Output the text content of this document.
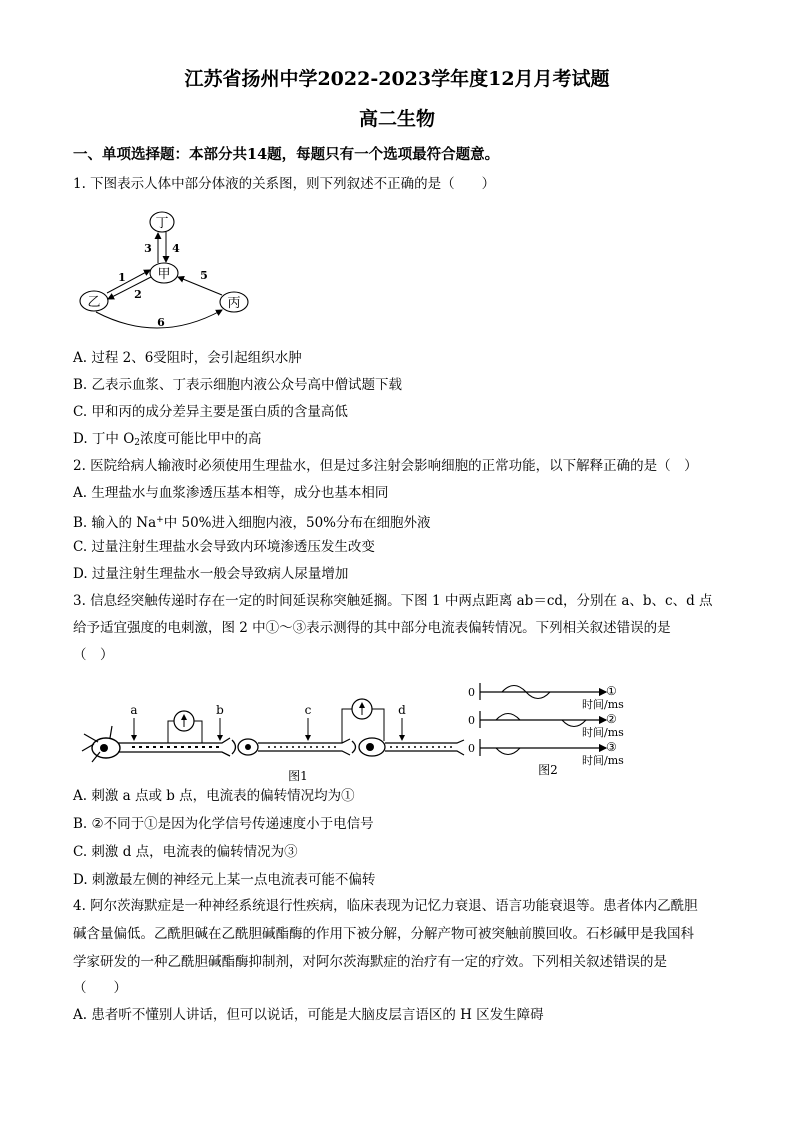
江苏省扬州中学2022-2023学年度12月月考试题
高二生物
一、单项选择题：本部分共14题，每题只有一个选项最符合题意。
1. 下图表示人体中部分体液的关系图，则下列叙述不正确的是（　　）
丁
甲
乙	丙
3 4
1
2
5
6
A. 过程 2、6受阻时，会引起组织水肿
B. 乙表示血浆、丁表示细胞内液公众号高中僧试题下载
C. 甲和丙的成分差异主要是蛋白质的含量高低
D. 丁中 $O_2$浓度可能比甲中的高
2. 医院给病人输液时必须使用生理盐水，但是过多注射会影响细胞的正常功能，以下解释正确的是（　）
A. 生理盐水与血浆渗透压基本相等，成分也基本相同
B. 输入的 Na+中 50%进入细胞内液，50%分布在细胞外液
C. 过量注射生理盐水会导致内环境渗透压发生改变
D. 过量注射生理盐水一般会导致病人尿量增加
3. 信息经突触传递时存在一定的时间延误称突触延搁。下图 1 中两点距离 ab＝cd，分别在 a、b、c、d 点
给予适宜强度的电刺激，图 2 中①～③表示测得的其中部分电流表偏转情况。下列相关叙述错误的是
（　）
a	b	c	d
图1
0	①
时间/ms
0	②
时间/ms
0	③
时间/ms
图2
A. 刺激 a 点或 b 点，电流表的偏转情况均为①
B. ②不同于①是因为化学信号传递速度小于电信号
C. 刺激 d 点，电流表的偏转情况为③
D. 刺激最左侧的神经元上某一点电流表可能不偏转
4. 阿尔茨海默症是一种神经系统退行性疾病，临床表现为记忆力衰退、语言功能衰退等。患者体内乙酰胆
碱含量偏低。乙酰胆碱在乙酰胆碱酯酶的作用下被分解，分解产物可被突触前膜回收。石杉碱甲是我国科
学家研发的一种乙酰胆碱酯酶抑制剂，对阿尔茨海默症的治疗有一定的疗效。下列相关叙述错误的是
（　　）
A. 患者听不懂别人讲话，但可以说话，可能是大脑皮层言语区的 H 区发生障碍
